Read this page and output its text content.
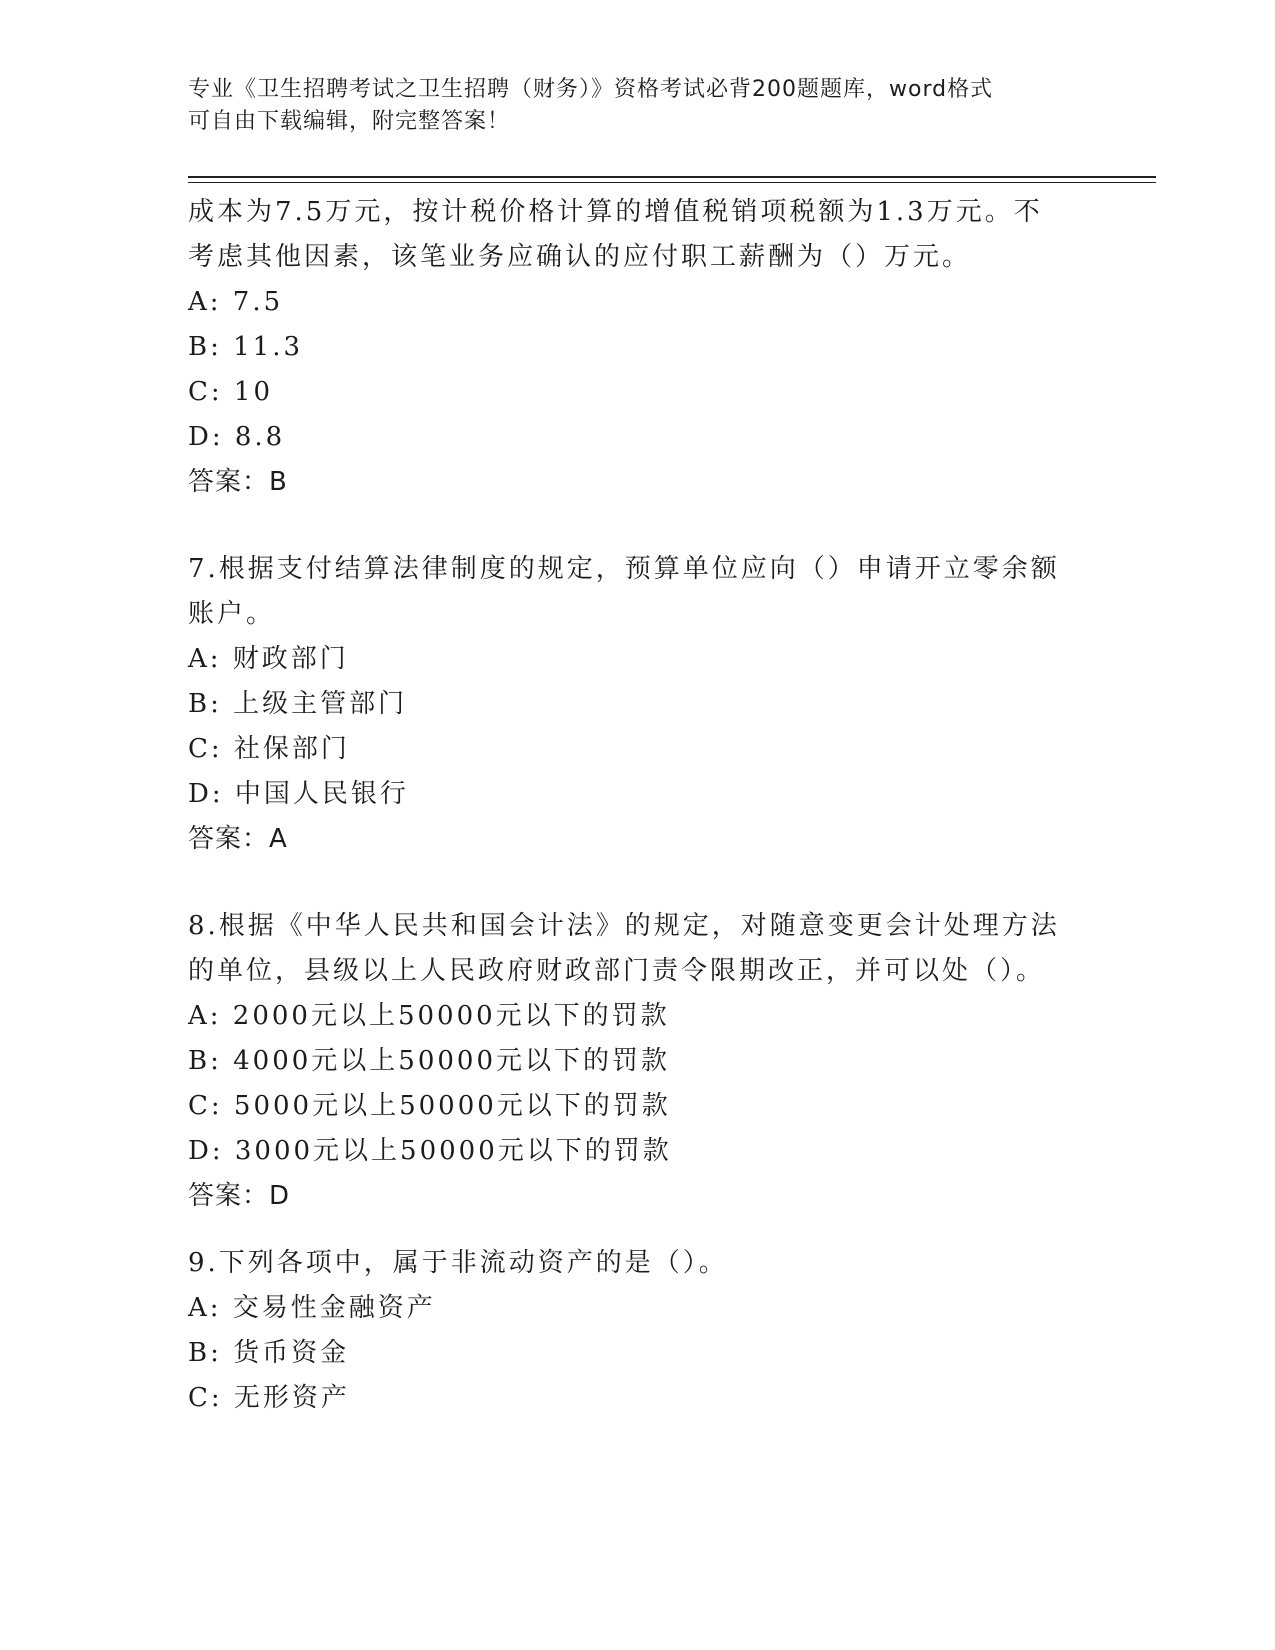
专业《卫生招聘考试之卫生招聘（财务）》资格考试必背200题题库，word格式

可自由下载编辑，附完整答案！

成本为7.5万元，按计税价格计算的增值税销项税额为1.3万元。不
考虑其他因素，该笔业务应确认的应付职工薪酬为（）万元。
A: 7.5
B: 11.3
C: 10
D: 8.8
答案：B
7.根据支付结算法律制度的规定，预算单位应向（）申请开立零余额
账户。
A: 财政部门
B: 上级主管部门
C: 社保部门
D: 中国人民银行
答案：A
8.根据《中华人民共和国会计法》的规定，对随意变更会计处理方法
的单位，县级以上人民政府财政部门责令限期改正，并可以处（）。
A: 2000元以上50000元以下的罚款
B: 4000元以上50000元以下的罚款
C: 5000元以上50000元以下的罚款
D: 3000元以上50000元以下的罚款
答案：D
9.下列各项中，属于非流动资产的是（）。
A: 交易性金融资产
B: 货币资金
C: 无形资产
